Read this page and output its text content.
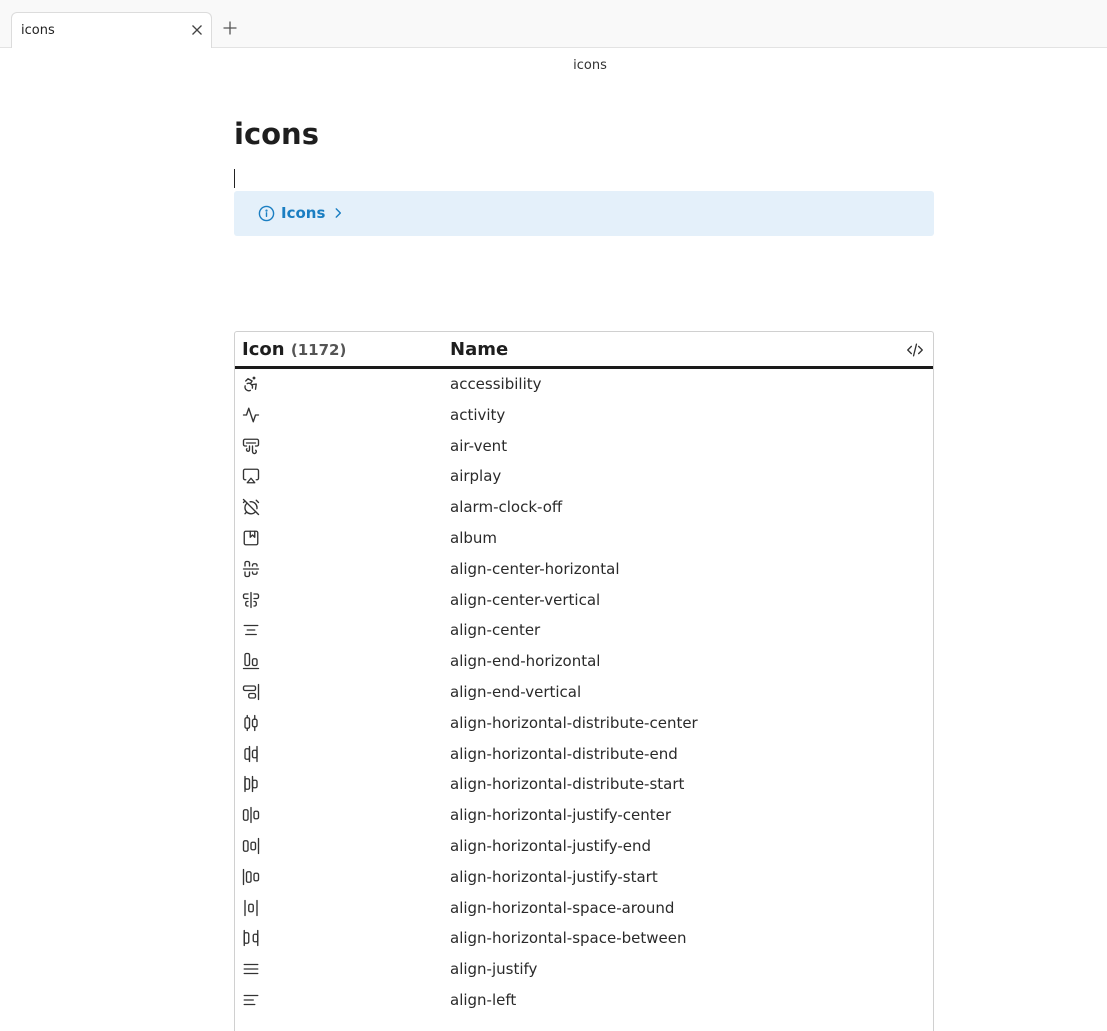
icons
icons
icons
Icons
Icon (1172)	Name
accessibility
activity
air-vent
airplay
alarm-clock-off
album
align-center-horizontal
align-center-vertical
align-center
align-end-horizontal
align-end-vertical
align-horizontal-distribute-center
align-horizontal-distribute-end
align-horizontal-distribute-start
align-horizontal-justify-center
align-horizontal-justify-end
align-horizontal-justify-start
align-horizontal-space-around
align-horizontal-space-between
align-justify
align-left
